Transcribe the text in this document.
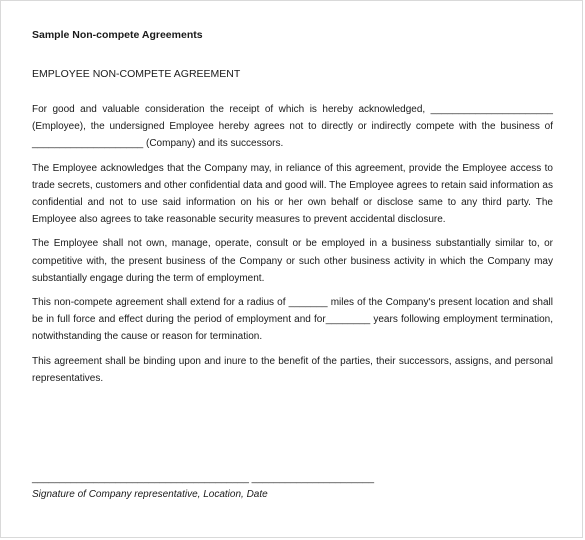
Sample Non-compete Agreements
EMPLOYEE NON-COMPETE AGREEMENT

For good and valuable consideration the receipt of which is hereby acknowledged, ______________________ (Employee), the undersigned Employee hereby agrees not to directly or indirectly compete with the business of ____________________ (Company) and its successors.

The Employee acknowledges that the Company may, in reliance of this agreement, provide the Employee access to trade secrets, customers and other confidential data and good will. The Employee agrees to retain said information as confidential and not to use said information on his or her own behalf or disclose same to any third party. The Employee also agrees to take reasonable security measures to prevent accidental disclosure.

The Employee shall not own, manage, operate, consult or be employed in a business substantially similar to, or competitive with, the present business of the Company or such other business activity in which the Company may substantially engage during the term of employment.

This non-compete agreement shall extend for a radius of _______ miles of the Company's present location and shall be in full force and effect during the period of employment and for________ years following employment termination, notwithstanding the cause or reason for termination.

This agreement shall be binding upon and inure to the benefit of the parties, their successors, assigns, and personal representatives.

_______________________________________ ______________________
Signature of Company representative, Location, Date
